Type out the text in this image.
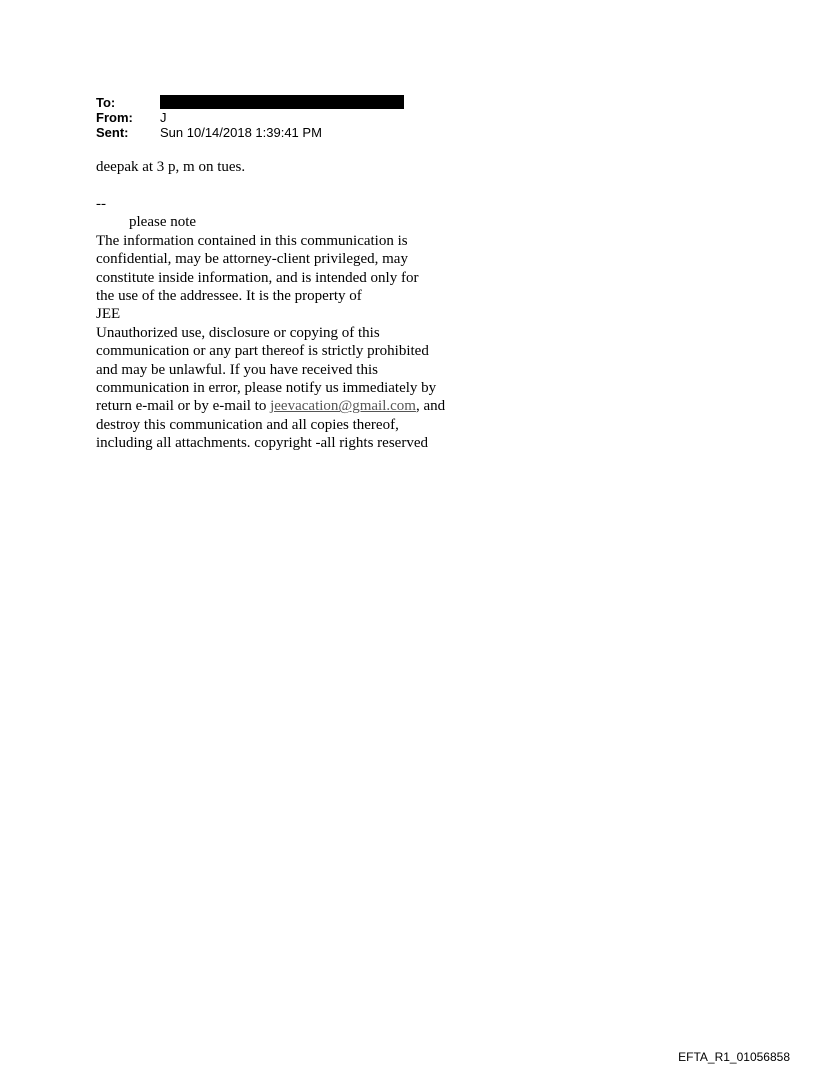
To:
From:	J
Sent:	Sun 10/14/2018 1:39:41 PM
deepak at 3 p, m on tues.
--
please note
The information contained in this communication is
confidential, may be attorney-client privileged, may
constitute inside information, and is intended only for
the use of the addressee. It is the property of
JEE
Unauthorized use, disclosure or copying of this
communication or any part thereof is strictly prohibited
and may be unlawful. If you have received this
communication in error, please notify us immediately by
return e-mail or by e-mail to jeevacation@gmail.com, and
destroy this communication and all copies thereof,
including all attachments. copyright -all rights reserved
EFTA_R1_01056858
